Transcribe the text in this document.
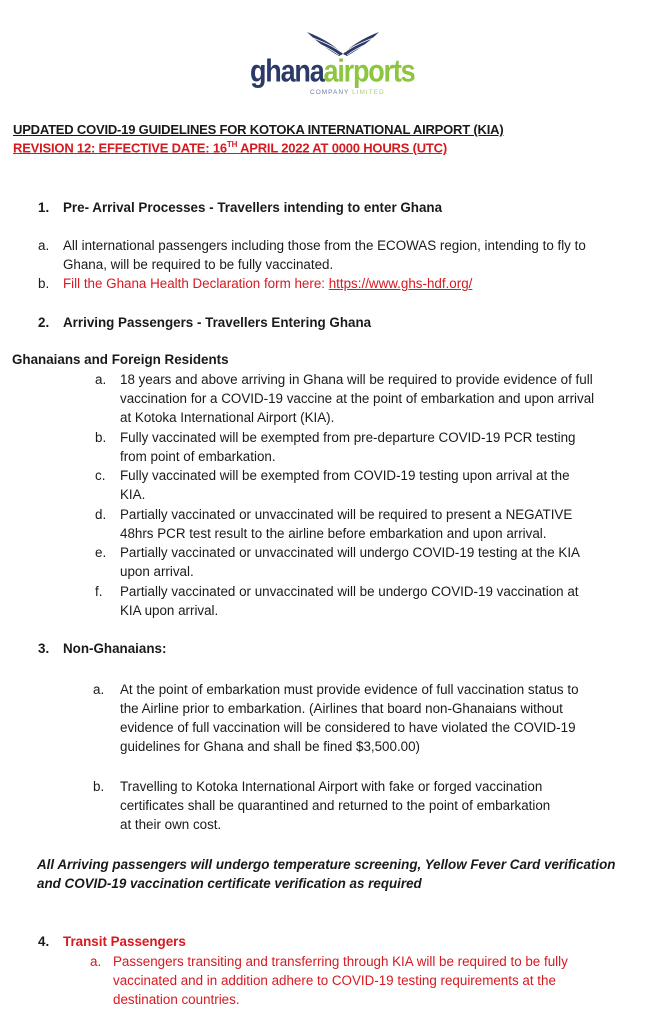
ghanaairports
COMPANY LIMITED
UPDATED COVID-19 GUIDELINES FOR KOTOKA INTERNATIONAL AIRPORT (KIA)
REVISION 12: EFFECTIVE DATE: 16TH APRIL 2022 AT 0000 HOURS (UTC)
1. Pre- Arrival Processes - Travellers intending to enter Ghana
a. All international passengers including those from the ECOWAS region, intending to fly to
Ghana, will be required to be fully vaccinated.
b. Fill the Ghana Health Declaration form here: https://www.ghs-hdf.org/
2. Arriving Passengers - Travellers Entering Ghana
Ghanaians and Foreign Residents
a. 18 years and above arriving in Ghana will be required to provide evidence of full
vaccination for a COVID-19 vaccine at the point of embarkation and upon arrival
at Kotoka International Airport (KIA).
b. Fully vaccinated will be exempted from pre-departure COVID-19 PCR testing
from point of embarkation.
c. Fully vaccinated will be exempted from COVID-19 testing upon arrival at the
KIA.
d. Partially vaccinated or unvaccinated will be required to present a NEGATIVE
48hrs PCR test result to the airline before embarkation and upon arrival.
e. Partially vaccinated or unvaccinated will undergo COVID-19 testing at the KIA
upon arrival.
f. Partially vaccinated or unvaccinated will be undergo COVID-19 vaccination at
KIA upon arrival.
3. Non-Ghanaians:
a. At the point of embarkation must provide evidence of full vaccination status to
the Airline prior to embarkation. (Airlines that board non-Ghanaians without
evidence of full vaccination will be considered to have violated the COVID-19
guidelines for Ghana and shall be fined $3,500.00)
b. Travelling to Kotoka International Airport with fake or forged vaccination
certificates shall be quarantined and returned to the point of embarkation
at their own cost.
All Arriving passengers will undergo temperature screening, Yellow Fever Card verification
and COVID-19 vaccination certificate verification as required
4. Transit Passengers
a. Passengers transiting and transferring through KIA will be required to be fully
vaccinated and in addition adhere to COVID-19 testing requirements at the
destination countries.
